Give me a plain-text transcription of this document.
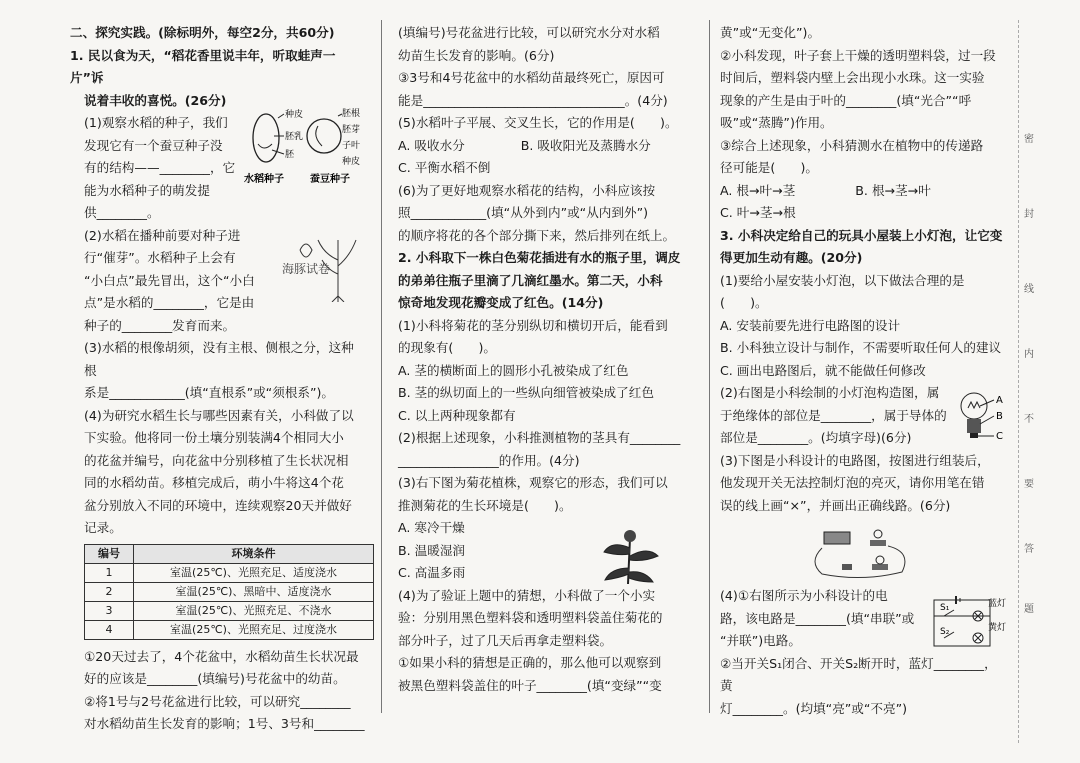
密
封
线
内
不
要
答
题

二、探究实践。(除标明外，每空2分，共60分)

1. 民以食为天，“稻花香里说丰年，听取蛙声一片”诉

说着丰收的喜悦。(26分)

(1)观察水稻的种子，我们

发现它有一个蚕豆种子没

有的结构——________，它

能为水稻种子的萌发提

供________。

(2)水稻在播种前要对种子进

行“催芽”。水稻种子上会有

“小白点”最先冒出，这个“小白

点”是水稻的________，它是由

种子的________发育而来。

(3)水稻的根像胡须，没有主根、侧根之分，这种根

系是____________(填“直根系”或“须根系”)。

(4)为研究水稻生长与哪些因素有关，小科做了以

下实验。他将同一份土壤分别装满4个相同大小

的花盆并编号，向花盆中分别移植了生长状况相

同的水稻幼苗。移植完成后，萌小牛将这4个花

盆分别放入不同的环境中，连续观察20天并做好

记录。

编号	环境条件
1	室温(25℃)、光照充足、适度浇水
2	室温(25℃)、黑暗中、适度浇水
3	室温(25℃)、光照充足、不浇水
4	室温(25℃)、光照充足、过度浇水

①20天过去了，4个花盆中，水稻幼苗生长状况最

好的应该是________(填编号)号花盆中的幼苗。

②将1号与2号花盆进行比较，可以研究________

对水稻幼苗生长发育的影响；1号、3号和________

种皮
胚乳
胚
胚根
胚芽
子叶
种皮
水稻种子	蚕豆种子
海豚试卷

(填编号)号花盆进行比较，可以研究水分对水稻

幼苗生长发育的影响。(6分)

③3号和4号花盆中的水稻幼苗最终死亡，原因可

能是________________________________。(4分)

(5)水稻叶子平展、交叉生长，它的作用是(　　)。

A. 吸收水分	B. 吸收阳光及蒸腾水分

C. 平衡水稻不倒

(6)为了更好地观察水稻花的结构，小科应该按

照____________(填“从外到内”或“从内到外”)

的顺序将花的各个部分撕下来，然后排列在纸上。

2. 小科取下一株白色菊花插进有水的瓶子里，调皮

的弟弟往瓶子里滴了几滴红墨水。第二天，小科

惊奇地发现花瓣变成了红色。(14分)

(1)小科将菊花的茎分别纵切和横切开后，能看到

的现象有(　　)。

A. 茎的横断面上的圆形小孔被染成了红色

B. 茎的纵切面上的一些纵向细管被染成了红色

C. 以上两种现象都有

(2)根据上述现象，小科推测植物的茎具有________

________________的作用。(4分)

(3)右下图为菊花植株，观察它的形态，我们可以

推测菊花的生长环境是(　　)。

A. 寒冷干燥

B. 温暖湿润

C. 高温多雨

(4)为了验证上题中的猜想，小科做了一个小实

验：分别用黑色塑料袋和透明塑料袋盖住菊花的

部分叶子，过了几天后再拿走塑料袋。

①如果小科的猜想是正确的，那么他可以观察到

被黑色塑料袋盖住的叶子________(填“变绿”“变

黄”或“无变化”)。

②小科发现，叶子套上干燥的透明塑料袋，过一段

时间后，塑料袋内壁上会出现小水珠。这一实验

现象的产生是由于叶的________(填“光合”“呼

吸”或“蒸腾”)作用。

③综合上述现象，小科猜测水在植物中的传递路

径可能是(　　)。

A. 根→叶→茎	B. 根→茎→叶

C. 叶→茎→根

3. 小科决定给自己的玩具小屋装上小灯泡，让它变

得更加生动有趣。(20分)

(1)要给小屋安装小灯泡，以下做法合理的是

(　　)。

A. 安装前要先进行电路图的设计

B. 小科独立设计与制作，不需要听取任何人的建议

C. 画出电路图后，就不能做任何修改

(2)右图是小科绘制的小灯泡构造图，属

于绝缘体的部位是________，属于导体的

部位是________。(均填字母)(6分)

(3)下图是小科设计的电路图，按图进行组装后，

他发现开关无法控制灯泡的亮灭，请你用笔在错

误的线上画“×”，并画出正确线路。(6分)

(4)①右图所示为小科设计的电

路，该电路是________(填“串联”或

“并联”)电路。

②当开关S₁闭合、开关S₂断开时，蓝灯________，黄

灯________。(均填“亮”或“不亮”)

A
B
C
S₁
S₂
蓝灯
黄灯
